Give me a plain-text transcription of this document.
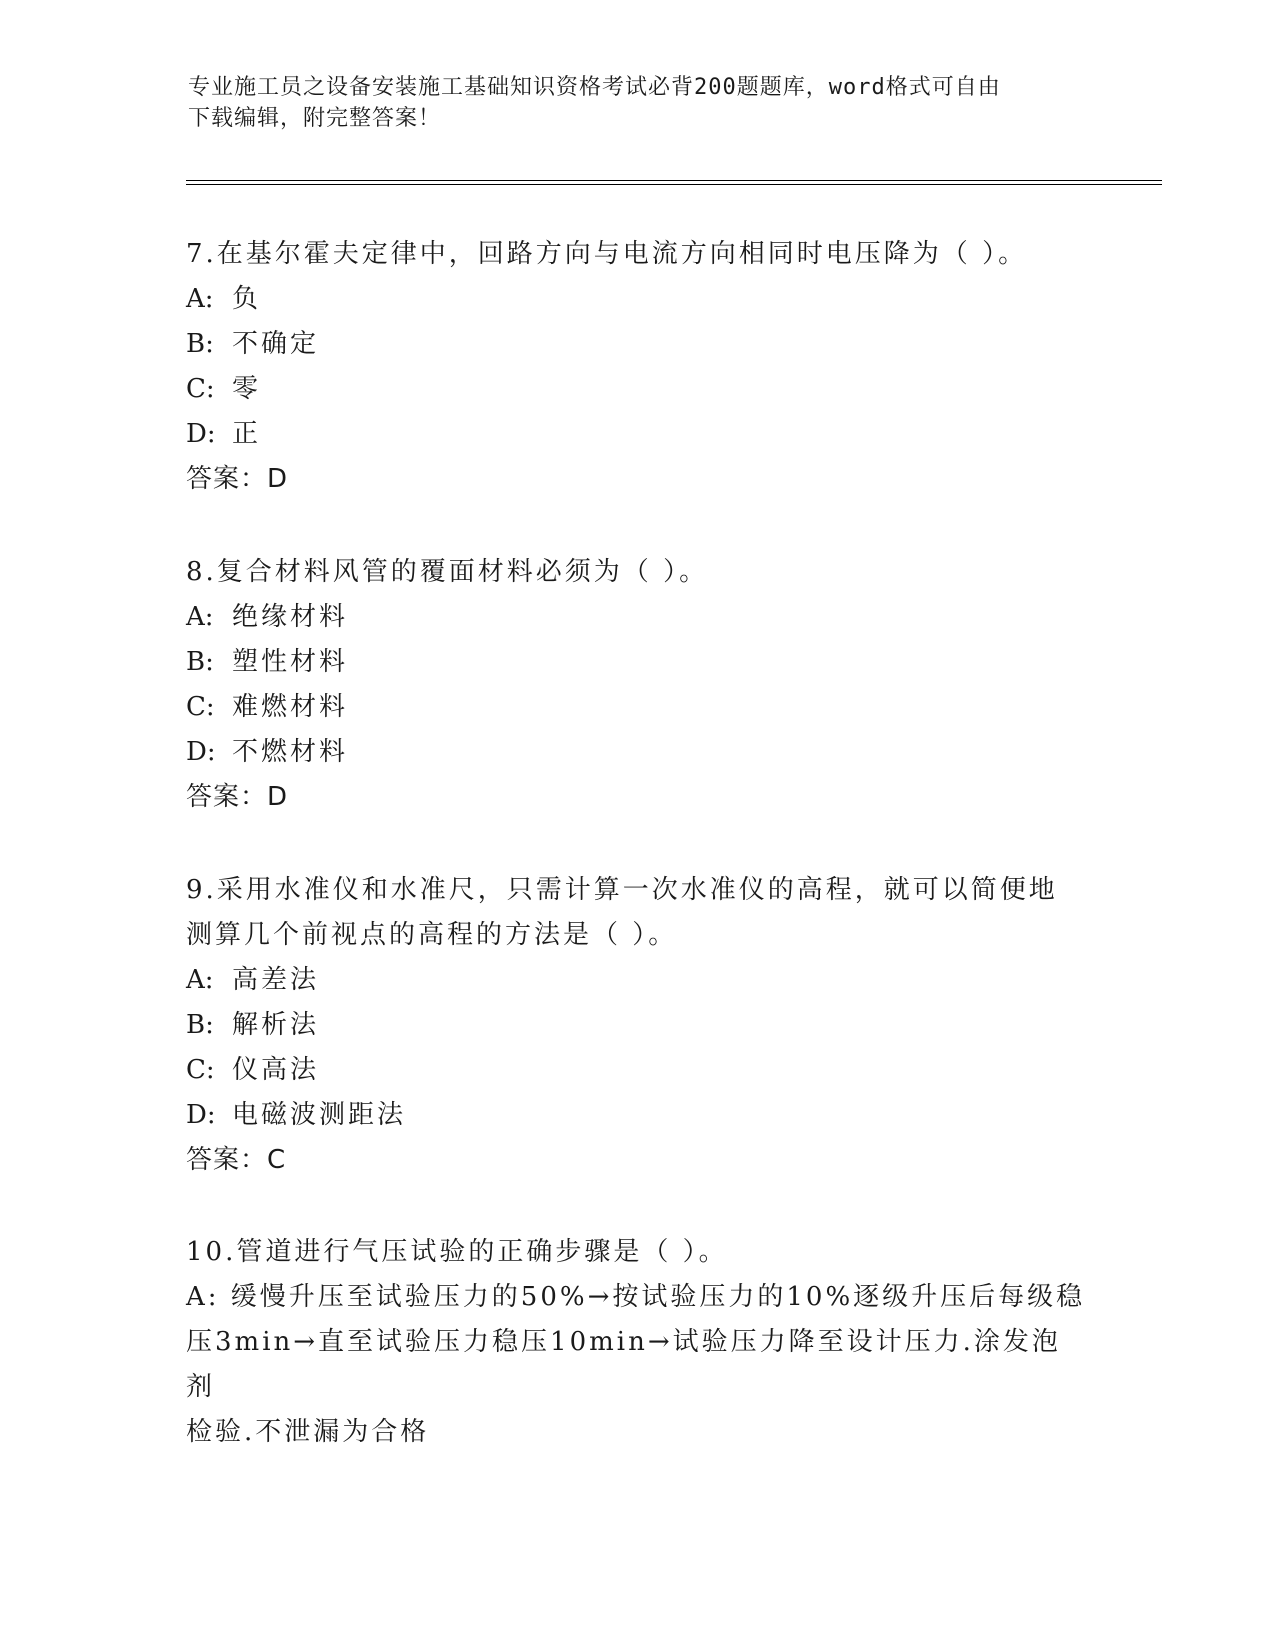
专业施工员之设备安装施工基础知识资格考试必背200题题库，word格式可自由
下载编辑，附完整答案！

7.在基尔霍夫定律中，回路方向与电流方向相同时电压降为（ ）。

A: 负

B: 不确定

C: 零

D: 正

答案：D

8.复合材料风管的覆面材料必须为（ ）。

A: 绝缘材料

B: 塑性材料

C: 难燃材料

D: 不燃材料

答案：D

9.采用水准仪和水准尺，只需计算一次水准仪的高程，就可以简便地

测算几个前视点的高程的方法是（ ）。

A: 高差法

B: 解析法

C: 仪高法

D: 电磁波测距法

答案：C

10.管道进行气压试验的正确步骤是（ ）。

A: 缓慢升压至试验压力的50%→按试验压力的10%逐级升压后每级稳

压3min→直至试验压力稳压10min→试验压力降至设计压力.涂发泡剂

检验.不泄漏为合格
